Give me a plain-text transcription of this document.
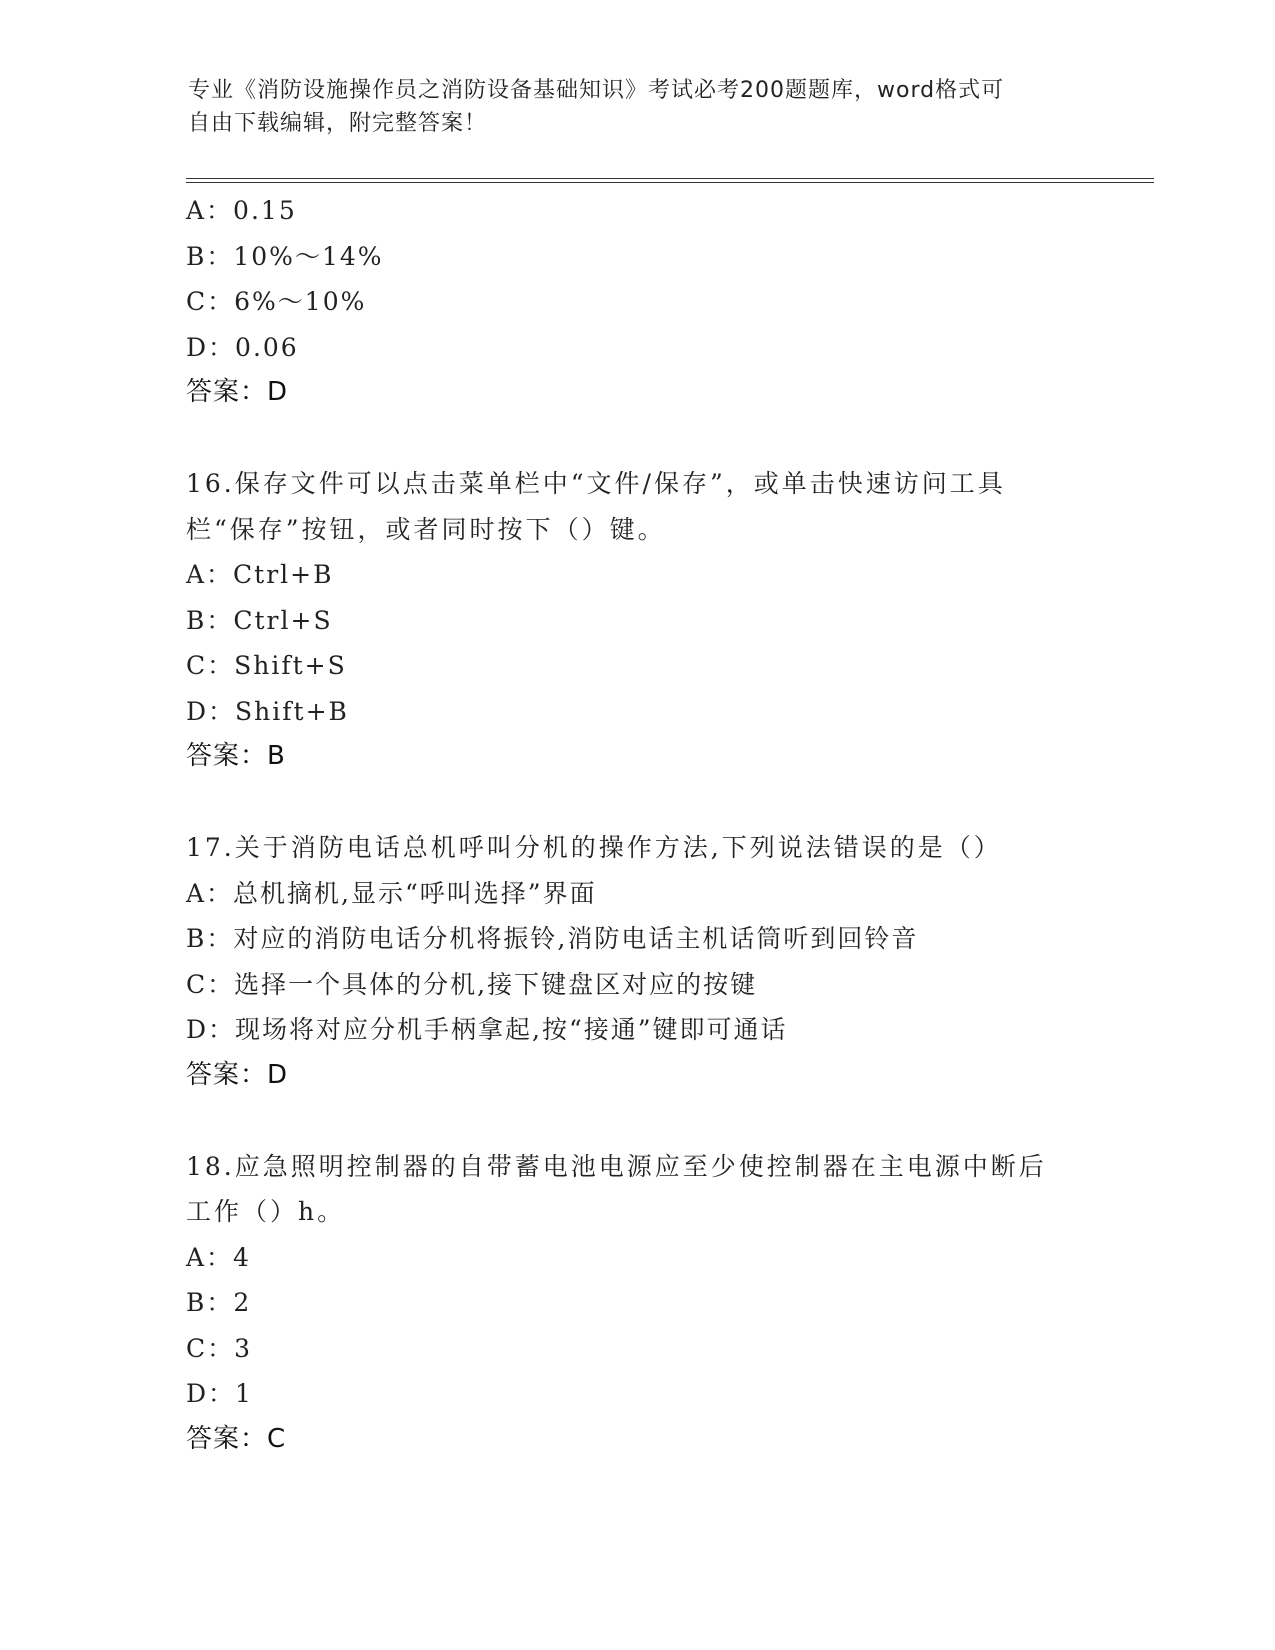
专业《消防设施操作员之消防设备基础知识》考试必考200题题库，word格式可
自由下载编辑，附完整答案！
A：0.15
B：10%～14%
C：6%～10%
D：0.06
答案：D
16.保存文件可以点击菜单栏中“文件/保存”，或单击快速访问工具
栏“保存”按钮，或者同时按下（）键。
A：Ctrl+B
B：Ctrl+S
C：Shift+S
D：Shift+B
答案：B
17.关于消防电话总机呼叫分机的操作方法,下列说法错误的是（）
A：总机摘机,显示“呼叫选择”界面
B：对应的消防电话分机将振铃,消防电话主机话筒听到回铃音
C：选择一个具体的分机,接下键盘区对应的按键
D：现场将对应分机手柄拿起,按“接通”键即可通话
答案：D
18.应急照明控制器的自带蓄电池电源应至少使控制器在主电源中断后
工作（）h。
A：4
B：2
C：3
D：1
答案：C
